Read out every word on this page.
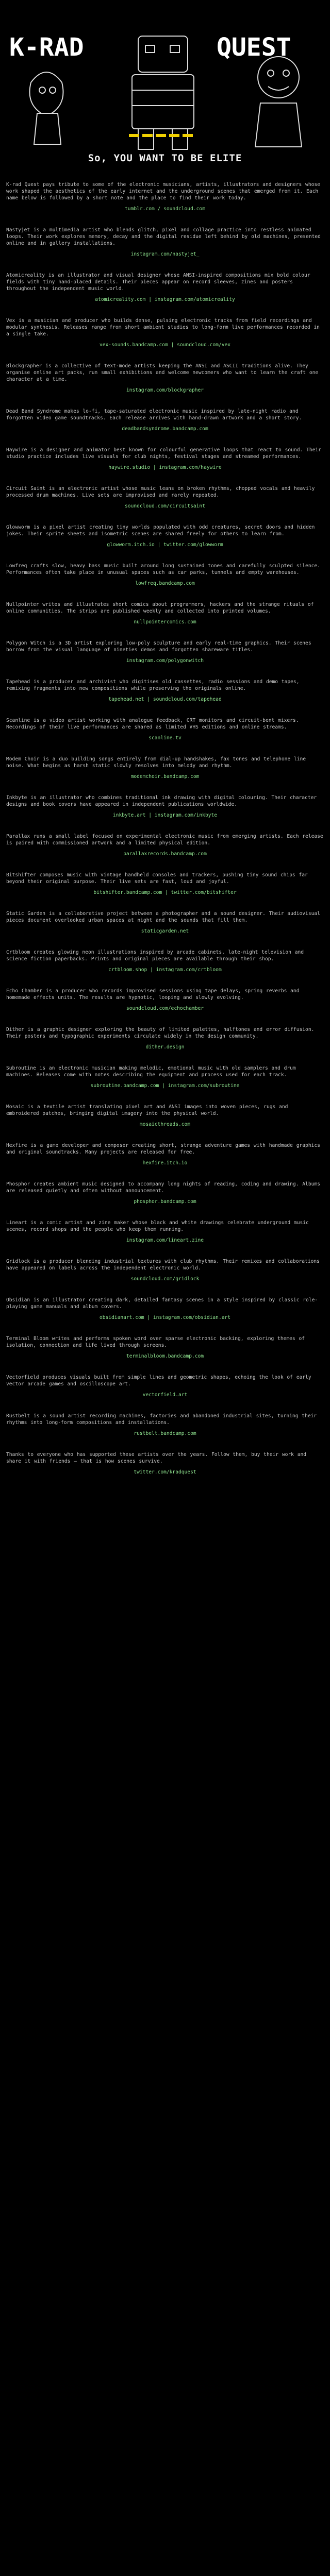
K-RAD	QUEST
So, YOU WANT TO BE ELITE

K-rad Quest pays tribute to some of the electronic musicians, artists, illustrators and designers whose work shaped the aesthetics of the early internet and the underground scenes that emerged from it. Each name below is followed by a short note and the place to find their work today.

tumblr.com / soundcloud.com

Nastyjet is a multimedia artist who blends glitch, pixel and collage practice into restless animated loops. Their work explores memory, decay and the digital residue left behind by old machines, presented online and in gallery installations.

instagram.com/nastyjet_

Atomicreality is an illustrator and visual designer whose ANSI-inspired compositions mix bold colour fields with tiny hand-placed details. Their pieces appear on record sleeves, zines and posters throughout the independent music world.

atomicreality.com | instagram.com/atomicreality

Vex is a musician and producer who builds dense, pulsing electronic tracks from field recordings and modular synthesis. Releases range from short ambient studies to long-form live performances recorded in a single take.

vex-sounds.bandcamp.com | soundcloud.com/vex

Blockgrapher is a collective of text-mode artists keeping the ANSI and ASCII traditions alive. They organise online art packs, run small exhibitions and welcome newcomers who want to learn the craft one character at a time.

instagram.com/blockgrapher

Dead Band Syndrome makes lo-fi, tape-saturated electronic music inspired by late-night radio and forgotten video game soundtracks. Each release arrives with hand-drawn artwork and a short story.

deadbandsyndrome.bandcamp.com

Haywire is a designer and animator best known for colourful generative loops that react to sound. Their studio practice includes live visuals for club nights, festival stages and streamed performances.

haywire.studio | instagram.com/haywire

Circuit Saint is an electronic artist whose music leans on broken rhythms, chopped vocals and heavily processed drum machines. Live sets are improvised and rarely repeated.

soundcloud.com/circuitsaint

Glowworm is a pixel artist creating tiny worlds populated with odd creatures, secret doors and hidden jokes. Their sprite sheets and isometric scenes are shared freely for others to learn from.

glowworm.itch.io | twitter.com/glowworm

Lowfreq crafts slow, heavy bass music built around long sustained tones and carefully sculpted silence. Performances often take place in unusual spaces such as car parks, tunnels and empty warehouses.

lowfreq.bandcamp.com

Nullpointer writes and illustrates short comics about programmers, hackers and the strange rituals of online communities. The strips are published weekly and collected into printed volumes.

nullpointercomics.com

Polygon Witch is a 3D artist exploring low-poly sculpture and early real-time graphics. Their scenes borrow from the visual language of nineties demos and forgotten shareware titles.

instagram.com/polygonwitch

Tapehead is a producer and archivist who digitises old cassettes, radio sessions and demo tapes, remixing fragments into new compositions while preserving the originals online.

tapehead.net | soundcloud.com/tapehead

Scanline is a video artist working with analogue feedback, CRT monitors and circuit-bent mixers. Recordings of their live performances are shared as limited VHS editions and online streams.

scanline.tv

Modem Choir is a duo building songs entirely from dial-up handshakes, fax tones and telephone line noise. What begins as harsh static slowly resolves into melody and rhythm.

modemchoir.bandcamp.com

Inkbyte is an illustrator who combines traditional ink drawing with digital colouring. Their character designs and book covers have appeared in independent publications worldwide.

inkbyte.art | instagram.com/inkbyte

Parallax runs a small label focused on experimental electronic music from emerging artists. Each release is paired with commissioned artwork and a limited physical edition.

parallaxrecords.bandcamp.com

Bitshifter composes music with vintage handheld consoles and trackers, pushing tiny sound chips far beyond their original purpose. Their live sets are fast, loud and joyful.

bitshifter.bandcamp.com | twitter.com/bitshifter

Static Garden is a collaborative project between a photographer and a sound designer. Their audiovisual pieces document overlooked urban spaces at night and the sounds that fill them.

staticgarden.net

Crtbloom creates glowing neon illustrations inspired by arcade cabinets, late-night television and science fiction paperbacks. Prints and original pieces are available through their shop.

crtbloom.shop | instagram.com/crtbloom

Echo Chamber is a producer who records improvised sessions using tape delays, spring reverbs and homemade effects units. The results are hypnotic, looping and slowly evolving.

soundcloud.com/echochamber

Dither is a graphic designer exploring the beauty of limited palettes, halftones and error diffusion. Their posters and typographic experiments circulate widely in the design community.

dither.design

Subroutine is an electronic musician making melodic, emotional music with old samplers and drum machines. Releases come with notes describing the equipment and process used for each track.

subroutine.bandcamp.com | instagram.com/subroutine

Mosaic is a textile artist translating pixel art and ANSI images into woven pieces, rugs and embroidered patches, bringing digital imagery into the physical world.

mosaicthreads.com

Hexfire is a game developer and composer creating short, strange adventure games with handmade graphics and original soundtracks. Many projects are released for free.

hexfire.itch.io

Phosphor creates ambient music designed to accompany long nights of reading, coding and drawing. Albums are released quietly and often without announcement.

phosphor.bandcamp.com

Lineart is a comic artist and zine maker whose black and white drawings celebrate underground music scenes, record shops and the people who keep them running.

instagram.com/lineart.zine

Gridlock is a producer blending industrial textures with club rhythms. Their remixes and collaborations have appeared on labels across the independent electronic world.

soundcloud.com/gridlock

Obsidian is an illustrator creating dark, detailed fantasy scenes in a style inspired by classic role-playing game manuals and album covers.

obsidianart.com | instagram.com/obsidian.art

Terminal Bloom writes and performs spoken word over sparse electronic backing, exploring themes of isolation, connection and life lived through screens.

terminalbloom.bandcamp.com

Vectorfield produces visuals built from simple lines and geometric shapes, echoing the look of early vector arcade games and oscilloscope art.

vectorfield.art

Rustbelt is a sound artist recording machines, factories and abandoned industrial sites, turning their rhythms into long-form compositions and installations.

rustbelt.bandcamp.com

Thanks to everyone who has supported these artists over the years. Follow them, buy their work and share it with friends — that is how scenes survive.

twitter.com/kradquest
